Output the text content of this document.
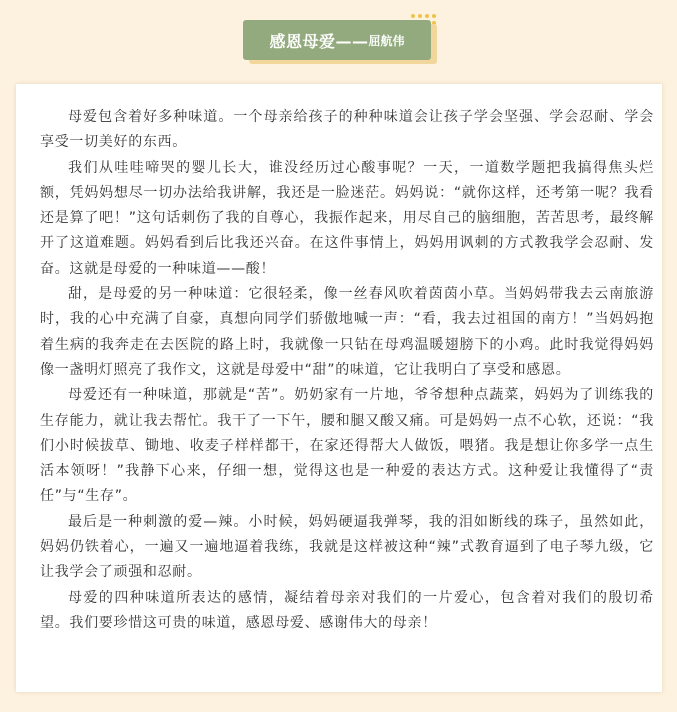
感恩母爱—— 屈航伟

母爱包含着好多种味道。一个母亲给孩子的种种味道会让孩子学会坚强、学会忍耐、学会享受一切美好的东西。

我们从哇哇啼哭的婴儿长大，谁没经历过心酸事呢？一天，一道数学题把我搞得焦头烂额，凭妈妈想尽一切办法给我讲解，我还是一脸迷茫。妈妈说：“就你这样，还考第一呢？我看还是算了吧！”这句话刺伤了我的自尊心，我振作起来，用尽自己的脑细胞，苦苦思考，最终解开了这道难题。妈妈看到后比我还兴奋。在这件事情上，妈妈用讽刺的方式教我学会忍耐、发奋。这就是母爱的一种味道——酸！

甜，是母爱的另一种味道：它很轻柔，像一丝春风吹着茵茵小草。当妈妈带我去云南旅游时，我的心中充满了自豪，真想向同学们骄傲地喊一声：“看，我去过祖国的南方！”当妈妈抱着生病的我奔走在去医院的路上时，我就像一只钻在母鸡温暖翅膀下的小鸡。此时我觉得妈妈像一盏明灯照亮了我作文，这就是母爱中“甜”的味道，它让我明白了享受和感恩。

母爱还有一种味道，那就是“苦”。奶奶家有一片地，爷爷想种点蔬菜，妈妈为了训练我的生存能力，就让我去帮忙。我干了一下午，腰和腿又酸又痛。可是妈妈一点不心软，还说：“我们小时候拔草、锄地、收麦子样样都干，在家还得帮大人做饭，喂猪。我是想让你多学一点生活本领呀！”我静下心来，仔细一想，觉得这也是一种爱的表达方式。这种爱让我懂得了“责任”与“生存”。

最后是一种刺激的爱—辣。小时候，妈妈硬逼我弹琴，我的泪如断线的珠子，虽然如此，妈妈仍铁着心，一遍又一遍地逼着我练，我就是这样被这种“辣”式教育逼到了电子琴九级，它让我学会了顽强和忍耐。

母爱的四种味道所表达的感情，凝结着母亲对我们的一片爱心，包含着对我们的殷切希望。我们要珍惜这可贵的味道，感恩母爱、感谢伟大的母亲！
